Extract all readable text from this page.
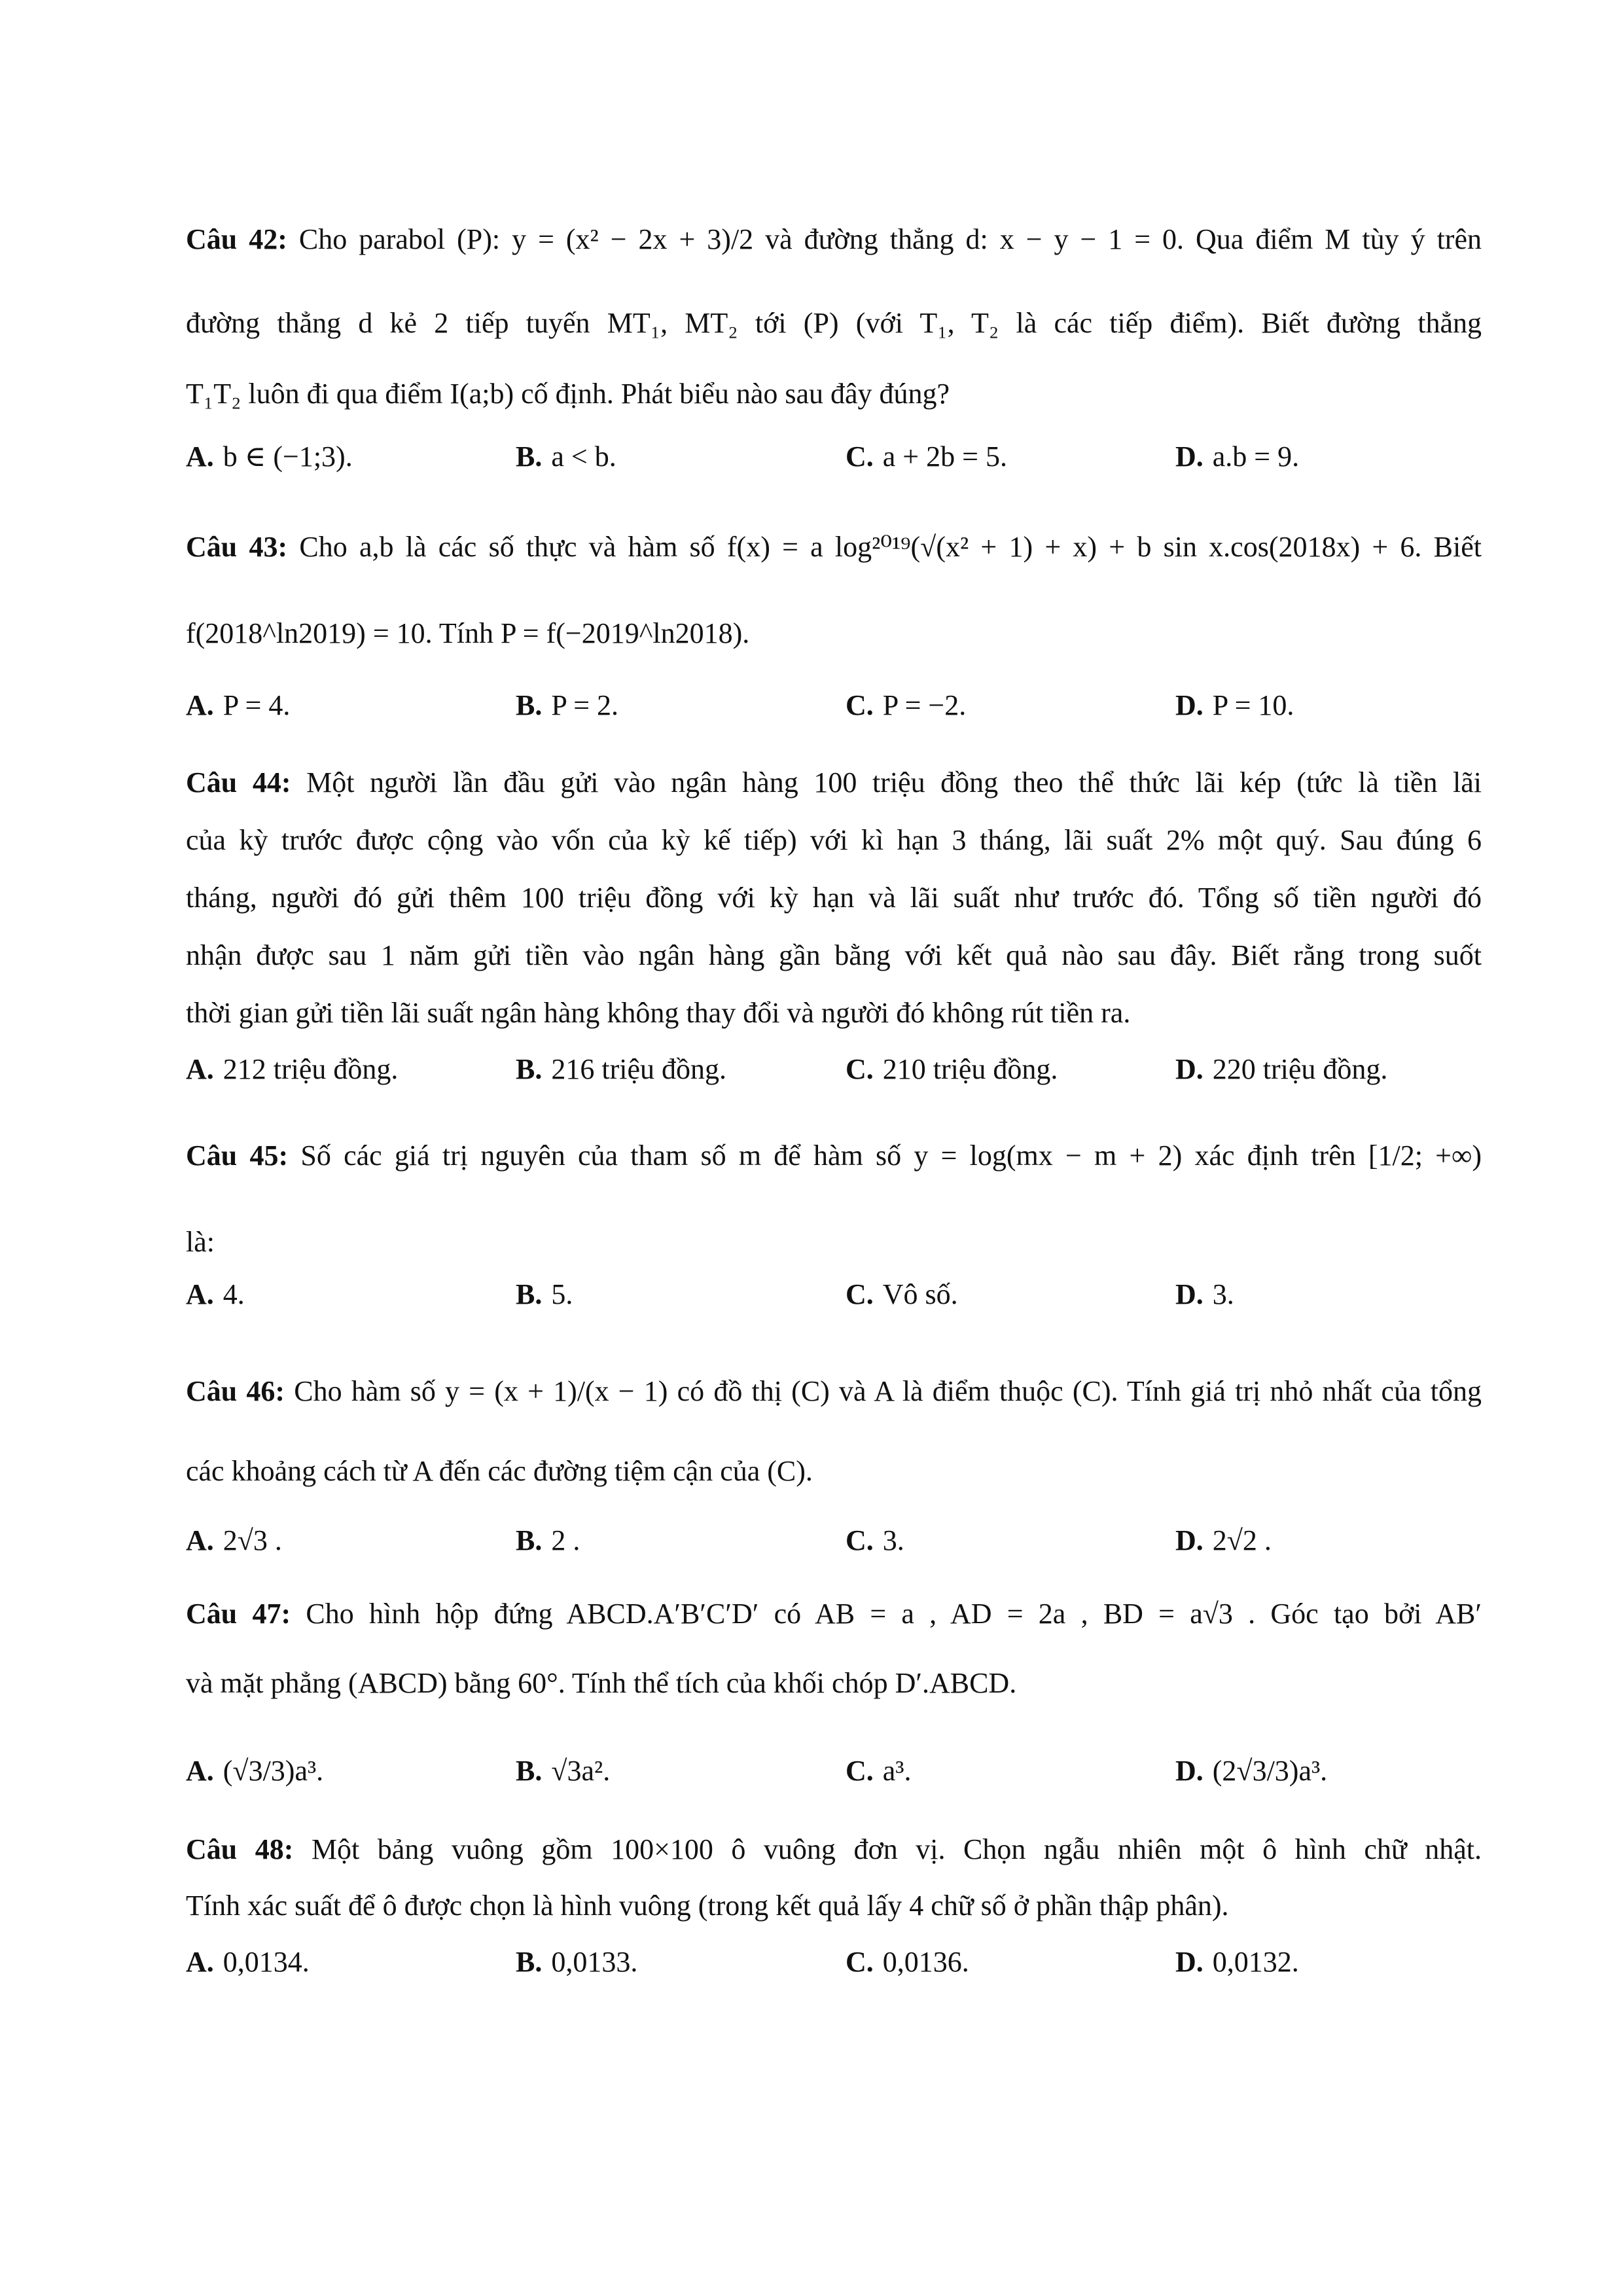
Câu 42: Cho parabol (P): y = (x² − 2x + 3)/2 và đường thẳng d: x − y − 1 = 0. Qua điểm M tùy ý trên
đường thẳng d kẻ 2 tiếp tuyến MT₁, MT₂ tới (P) (với T₁, T₂ là các tiếp điểm). Biết đường thẳng
T₁T₂ luôn đi qua điểm I(a;b) cố định. Phát biểu nào sau đây đúng?
A. b ∈ (−1;3).	B. a < b.	C. a + 2b = 5.	D. a.b = 9.
Câu 43: Cho a,b là các số thực và hàm số f(x) = a log²⁰¹⁹(√(x² + 1) + x) + b sin x.cos(2018x) + 6. Biết
f(2018^ln2019) = 10. Tính P = f(−2019^ln2018).
A. P = 4.	B. P = 2.	C. P = −2.	D. P = 10.
Câu 44: Một người lần đầu gửi vào ngân hàng 100 triệu đồng theo thể thức lãi kép (tức là tiền lãi
của kỳ trước được cộng vào vốn của kỳ kế tiếp) với kì hạn 3 tháng, lãi suất 2% một quý. Sau đúng 6
tháng, người đó gửi thêm 100 triệu đồng với kỳ hạn và lãi suất như trước đó. Tổng số tiền người đó
nhận được sau 1 năm gửi tiền vào ngân hàng gần bằng với kết quả nào sau đây. Biết rằng trong suốt
thời gian gửi tiền lãi suất ngân hàng không thay đổi và người đó không rút tiền ra.
A. 212 triệu đồng.	B. 216 triệu đồng.	C. 210 triệu đồng.	D. 220 triệu đồng.
Câu 45: Số các giá trị nguyên của tham số m để hàm số y = log(mx − m + 2) xác định trên [1/2; +∞)
là:
A. 4.	B. 5.	C. Vô số.	D. 3.
Câu 46: Cho hàm số y = (x + 1)/(x − 1) có đồ thị (C) và A là điểm thuộc (C). Tính giá trị nhỏ nhất của tổng
các khoảng cách từ A đến các đường tiệm cận của (C).
A. 2√3 .	B. 2 .	C. 3.	D. 2√2 .
Câu 47: Cho hình hộp đứng ABCD.A′B′C′D′ có AB = a , AD = 2a , BD = a√3 . Góc tạo bởi AB′
và mặt phẳng (ABCD) bằng 60°. Tính thể tích của khối chóp D′.ABCD.
A. (√3/3)a³.	B. √3a².	C. a³.	D. (2√3/3)a³.
Câu 48: Một bảng vuông gồm 100×100 ô vuông đơn vị. Chọn ngẫu nhiên một ô hình chữ nhật.
Tính xác suất để ô được chọn là hình vuông (trong kết quả lấy 4 chữ số ở phần thập phân).
A. 0,0134.	B. 0,0133.	C. 0,0136.	D. 0,0132.
